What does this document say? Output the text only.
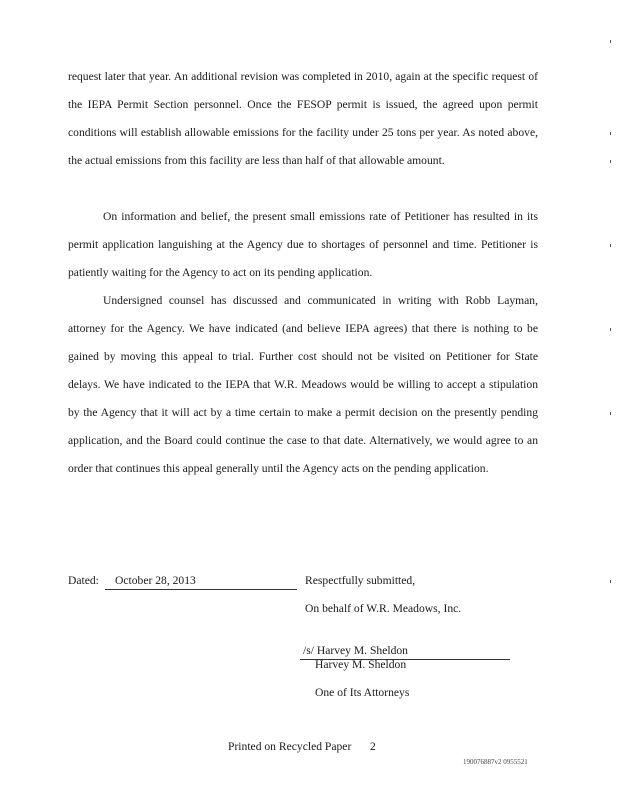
request later that year. An additional revision was completed in 2010, again at the specific request of the IEPA Permit Section personnel. Once the FESOP permit is issued, the agreed upon permit conditions will establish allowable emissions for the facility under 25 tons per year. As noted above, the actual emissions from this facility are less than half of that allowable amount.

On information and belief, the present small emissions rate of Petitioner has resulted in its permit application languishing at the Agency due to shortages of personnel and time. Petitioner is patiently waiting for the Agency to act on its pending application.

Undersigned counsel has discussed and communicated in writing with Robb Layman, attorney for the Agency. We have indicated (and believe IEPA agrees) that there is nothing to be gained by moving this appeal to trial. Further cost should not be visited on Petitioner for State delays. We have indicated to the IEPA that W.R. Meadows would be willing to accept a stipulation by the Agency that it will act by a time certain to make a permit decision on the presently pending application, and the Board could continue the case to that date. Alternatively, we would agree to an order that continues this appeal generally until the Agency acts on the pending application.

Dated: October 28, 2013	Respectfully submitted,
On behalf of W.R. Meadows, Inc.
/s/ Harvey M. Sheldon
Harvey M. Sheldon
One of Its Attorneys
Printed on Recycled Paper 2
190076887v2 0955521
